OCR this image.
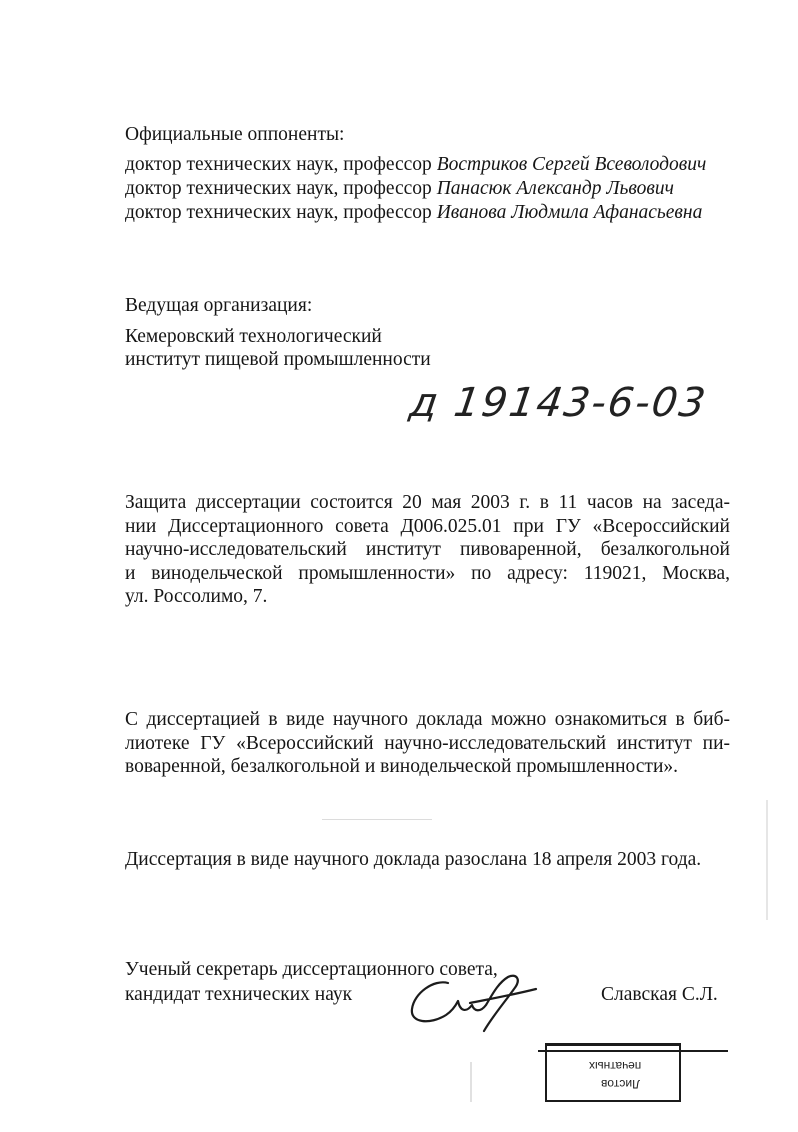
Официальные оппоненты:
доктор технических наук, профессор Востриков Сергей Всеволодович
доктор технических наук, профессор Панасюк Александр Львович
доктор технических наук, профессор Иванова Людмила Афанасьевна
Ведущая организация:
Кемеровский технологический
институт пищевой промышленности
д 19143-6-03
Защита диссертации состоится 20 мая 2003 г. в 11 часов на заседа-
нии Диссертационного совета Д006.025.01 при ГУ «Всероссийский
научно-исследовательский институт пивоваренной, безалкогольной
и винодельческой промышленности» по адресу: 119021, Москва,
ул. Россолимо, 7.
С диссертацией в виде научного доклада можно ознакомиться в биб-
лиотеке ГУ «Всероссийский научно-исследовательский институт пи-
воваренной, безалкогольной и винодельческой промышленности».
Диссертация в виде научного доклада разослана 18 апреля 2003 года.
Ученый секретарь диссертационного совета,
кандидат технических наук	Славская С.Л.
печатных
Листов
